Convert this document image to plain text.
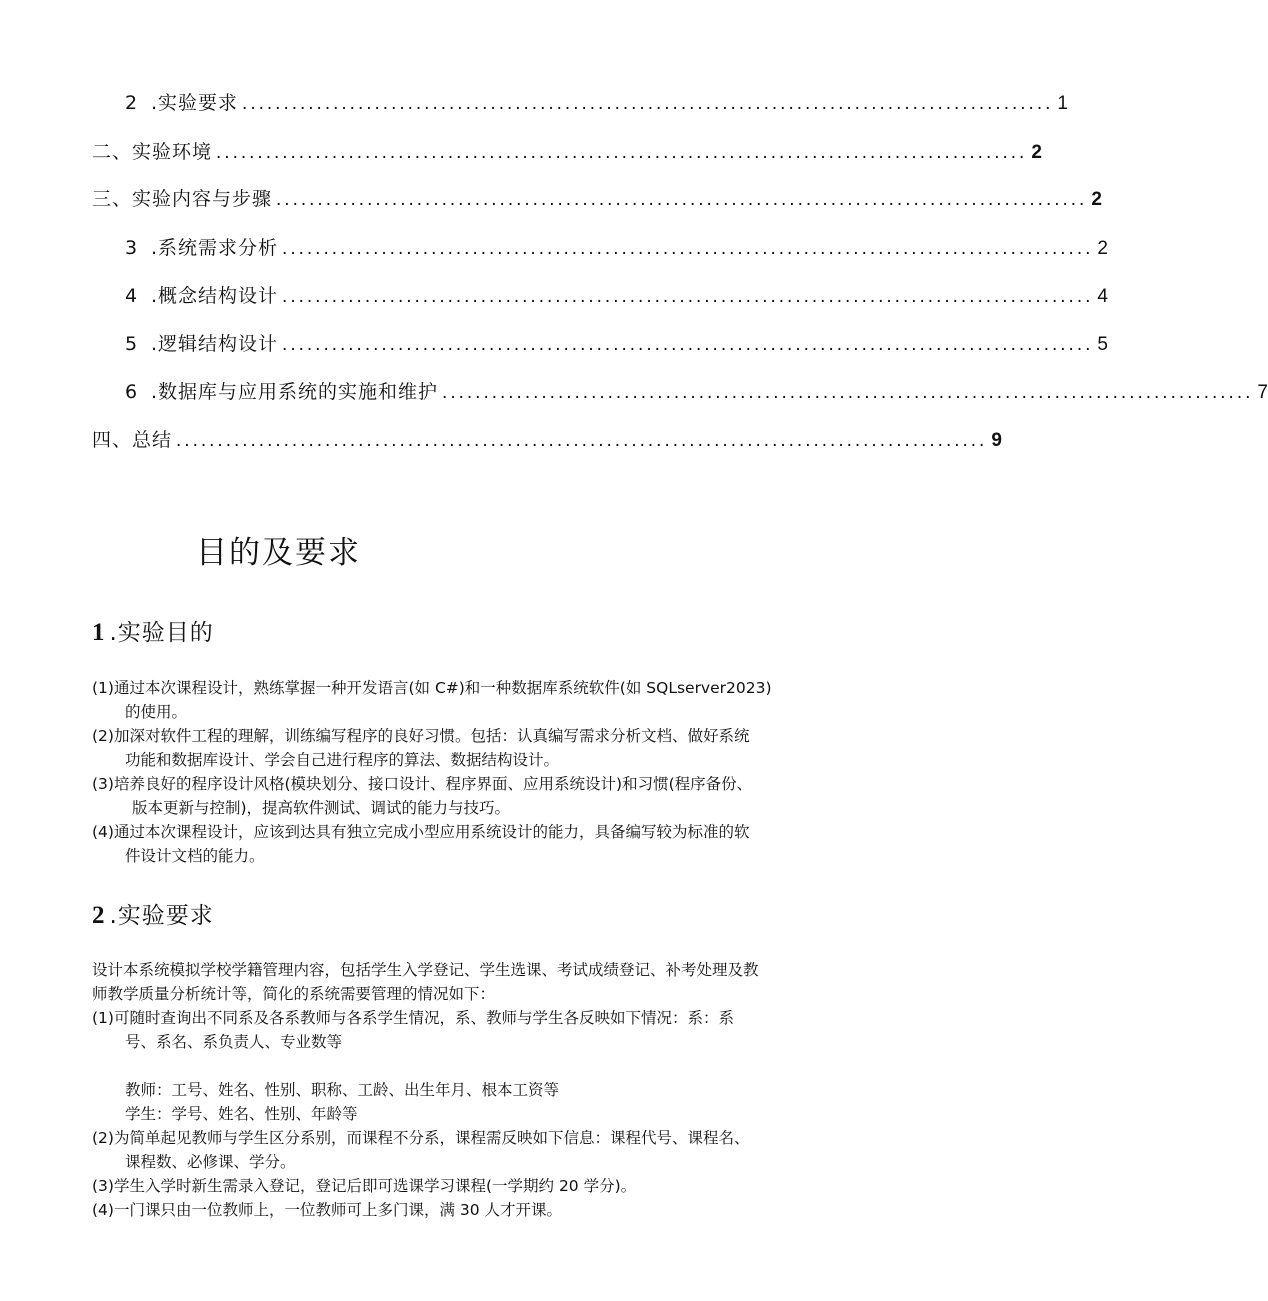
2 .实验要求 .................................................................................................. 1
二、实验环境 .................................................................................................. 2
三、实验内容与步骤 .................................................................................................. 2
3 .系统需求分析 .................................................................................................. 2
4 .概念结构设计 .................................................................................................. 4
5 .逻辑结构设计 .................................................................................................. 5
6 .数据库与应用系统的实施和维护 .................................................................................................. 7
四、总结 .................................................................................................. 9
目的及要求
1 .实验目的
(1)通过本次课程设计，熟练掌握一种开发语言(如 C#)和一种数据库系统软件(如 SQLserver2023)
的使用。
(2)加深对软件工程的理解，训练编写程序的良好习惯。包括：认真编写需求分析文档、做好系统
功能和数据库设计、学会自己进行程序的算法、数据结构设计。
(3)培养良好的程序设计风格(模块划分、接口设计、程序界面、应用系统设计)和习惯(程序备份、
版本更新与控制)，提高软件测试、调试的能力与技巧。
(4)通过本次课程设计，应该到达具有独立完成小型应用系统设计的能力，具备编写较为标准的软
件设计文档的能力。
2 .实验要求
设计本系统模拟学校学籍管理内容，包括学生入学登记、学生选课、考试成绩登记、补考处理及教
师教学质量分析统计等，简化的系统需要管理的情况如下：
(1)可随时查询出不同系及各系教师与各系学生情况，系、教师与学生各反映如下情况：系：系
号、系名、系负责人、专业数等
教师：工号、姓名、性别、职称、工龄、出生年月、根本工资等
学生：学号、姓名、性别、年龄等
(2)为简单起见教师与学生区分系别，而课程不分系，课程需反映如下信息：课程代号、课程名、
课程数、必修课、学分。
(3)学生入学时新生需录入登记，登记后即可选课学习课程(一学期约 20 学分)。
(4)一门课只由一位教师上，一位教师可上多门课，满 30 人才开课。
